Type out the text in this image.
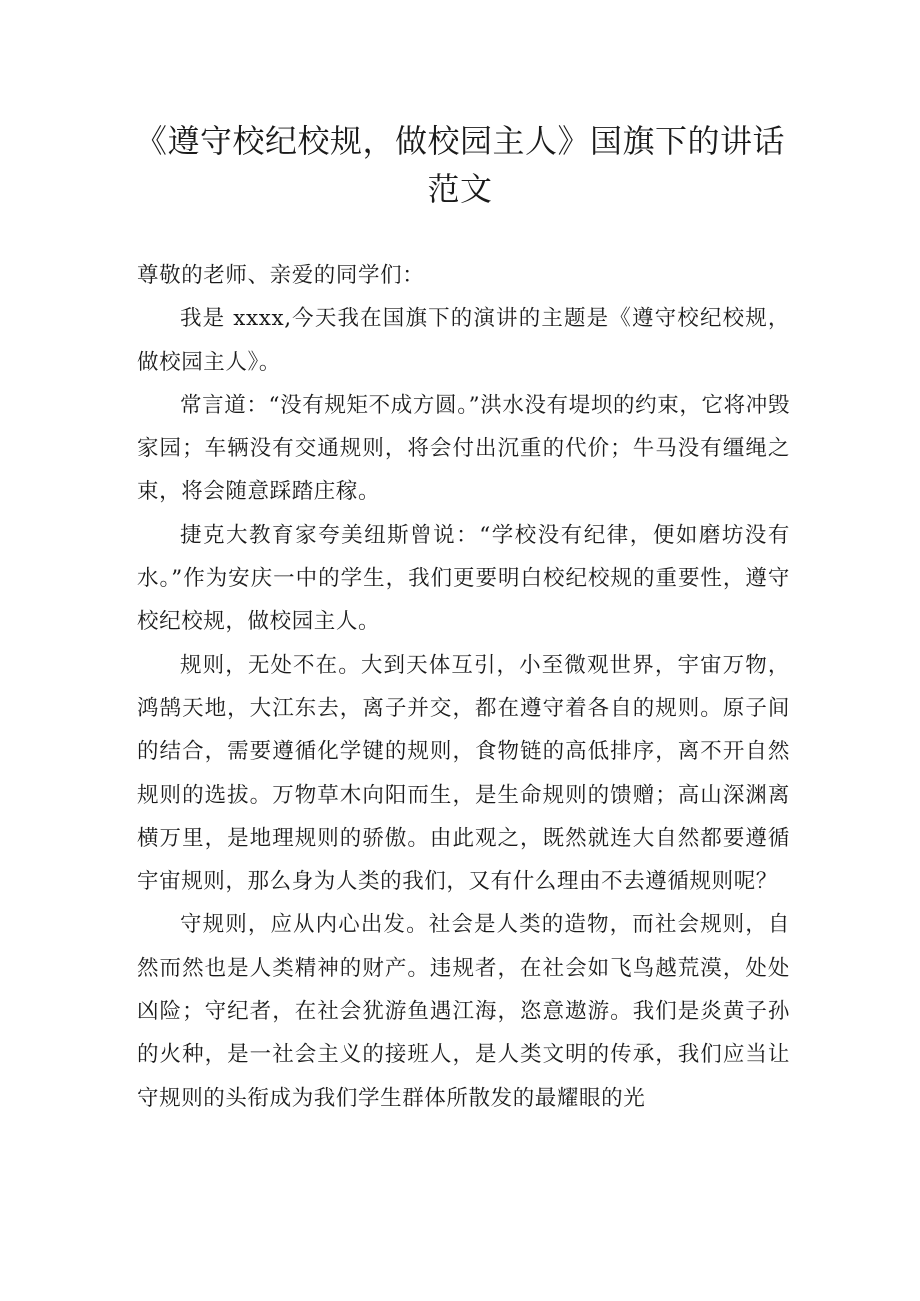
《遵守校纪校规，做校园主人》国旗下的讲话范文

尊敬的老师、亲爱的同学们：

我是 xxxx,今天我在国旗下的演讲的主题是《遵守校纪校规，做校园主人》。

常言道：“没有规矩不成方圆。”洪水没有堤坝的约束，它将冲毁家园；车辆没有交通规则，将会付出沉重的代价；牛马没有缰绳之束，将会随意踩踏庄稼。

捷克大教育家夸美纽斯曾说：“学校没有纪律，便如磨坊没有水。”作为安庆一中的学生，我们更要明白校纪校规的重要性，遵守校纪校规，做校园主人。

规则，无处不在。大到天体互引，小至微观世界，宇宙万物，鸿鹄天地，大江东去，离子并交，都在遵守着各自的规则。原子间的结合，需要遵循化学键的规则，食物链的高低排序，离不开自然规则的选拔。万物草木向阳而生，是生命规则的馈赠；高山深渊离横万里，是地理规则的骄傲。由此观之，既然就连大自然都要遵循宇宙规则，那么身为人类的我们，又有什么理由不去遵循规则呢？

守规则，应从内心出发。社会是人类的造物，而社会规则，自然而然也是人类精神的财产。违规者，在社会如飞鸟越荒漠，处处凶险；守纪者，在社会犹游鱼遇江海，恣意遨游。我们是炎黄子孙的火种，是一社会主义的接班人，是人类文明的传承，我们应当让守规则的头衔成为我们学生群体所散发的最耀眼的光
